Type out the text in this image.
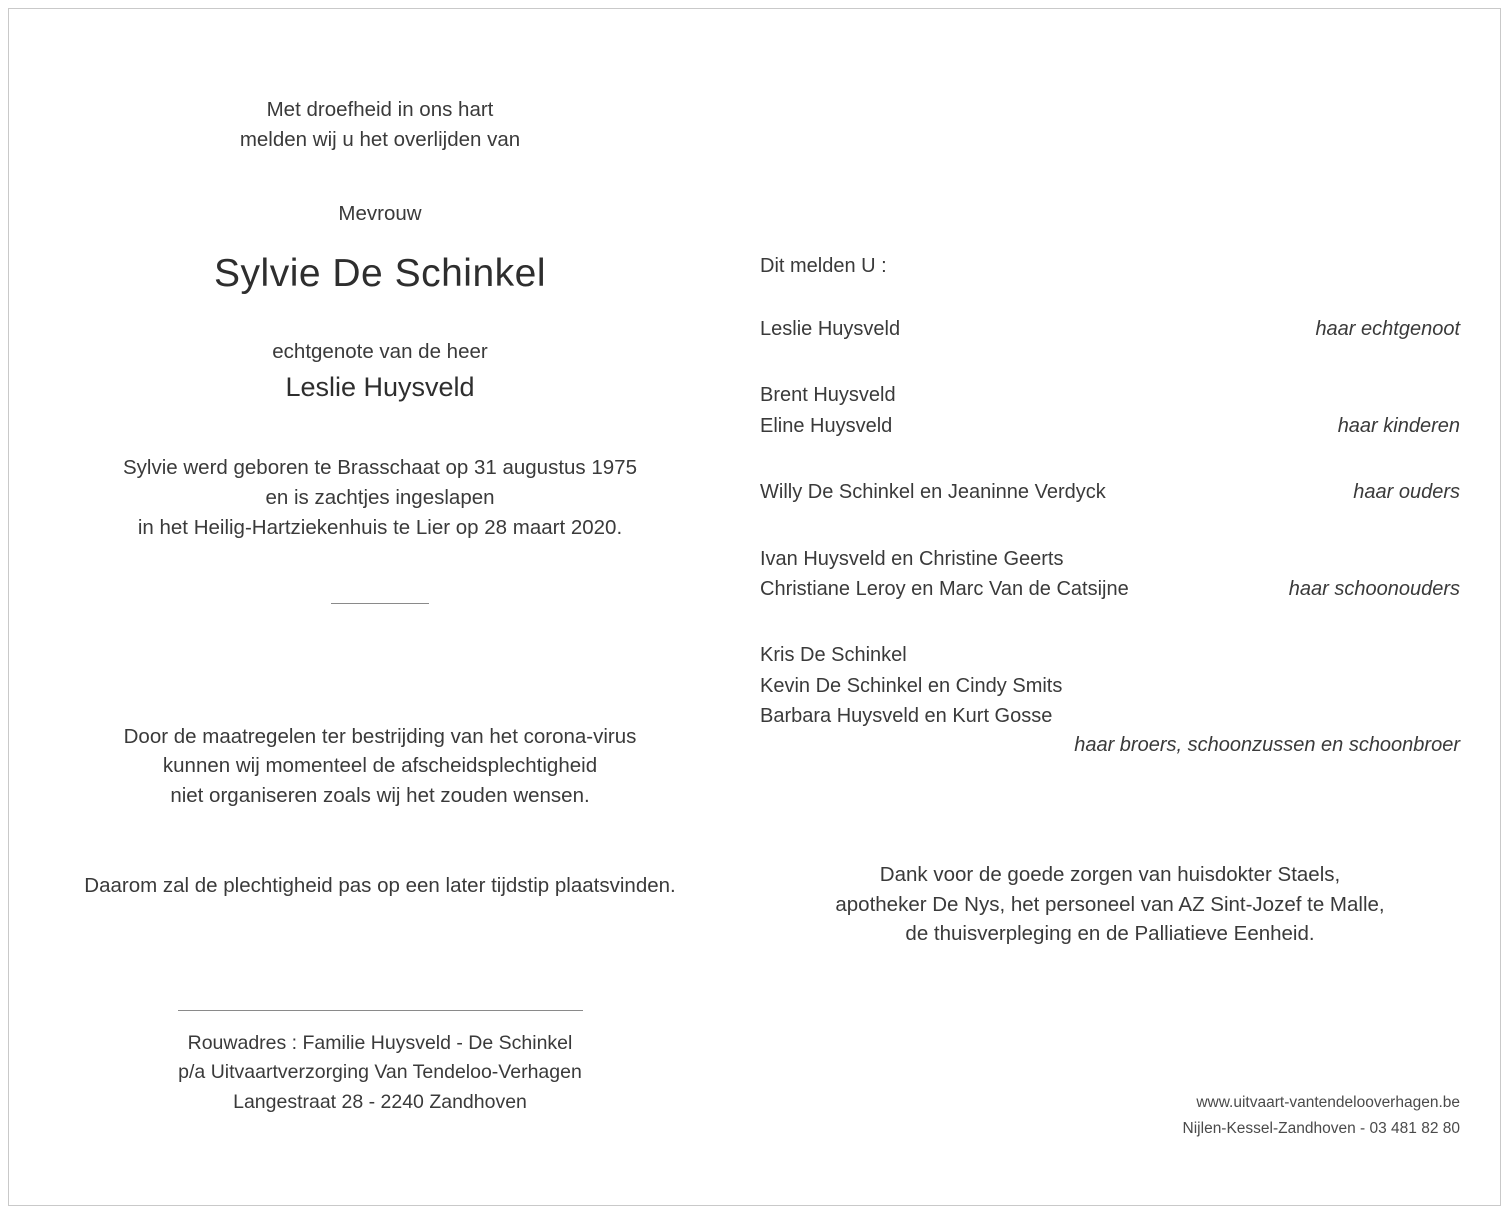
Met droefheid in ons hart
melden wij u het overlijden van
Mevrouw
Sylvie De Schinkel
echtgenote van de heer
Leslie Huysveld
Sylvie werd geboren te Brasschaat op 31 augustus 1975
en is zachtjes ingeslapen
in het Heilig-Hartziekenhuis te Lier op 28 maart 2020.
Door de maatregelen ter bestrijding van het corona-virus
kunnen wij momenteel de afscheidsplechtigheid
niet organiseren zoals wij het zouden wensen.
Daarom zal de plechtigheid pas op een later tijdstip plaatsvinden.
Rouwadres : Familie Huysveld - De Schinkel
p/a Uitvaartverzorging Van Tendeloo-Verhagen
Langestraat 28 - 2240 Zandhoven
Dit melden U :
Leslie Huysveld	haar echtgenoot
Brent Huysveld
Eline Huysveld	haar kinderen
Willy De Schinkel en Jeaninne Verdyck	haar ouders
Ivan Huysveld en Christine Geerts
Christiane Leroy en Marc Van de Catsijne	haar schoonouders
Kris De Schinkel
Kevin De Schinkel en Cindy Smits
Barbara Huysveld en Kurt Gosse
haar broers, schoonzussen en schoonbroer
Dank voor de goede zorgen van huisdokter Staels,
apotheker De Nys, het personeel van AZ Sint-Jozef te Malle,
de thuisverpleging en de Palliatieve Eenheid.
www.uitvaart-vantendelooverhagen.be
Nijlen-Kessel-Zandhoven - 03 481 82 80
